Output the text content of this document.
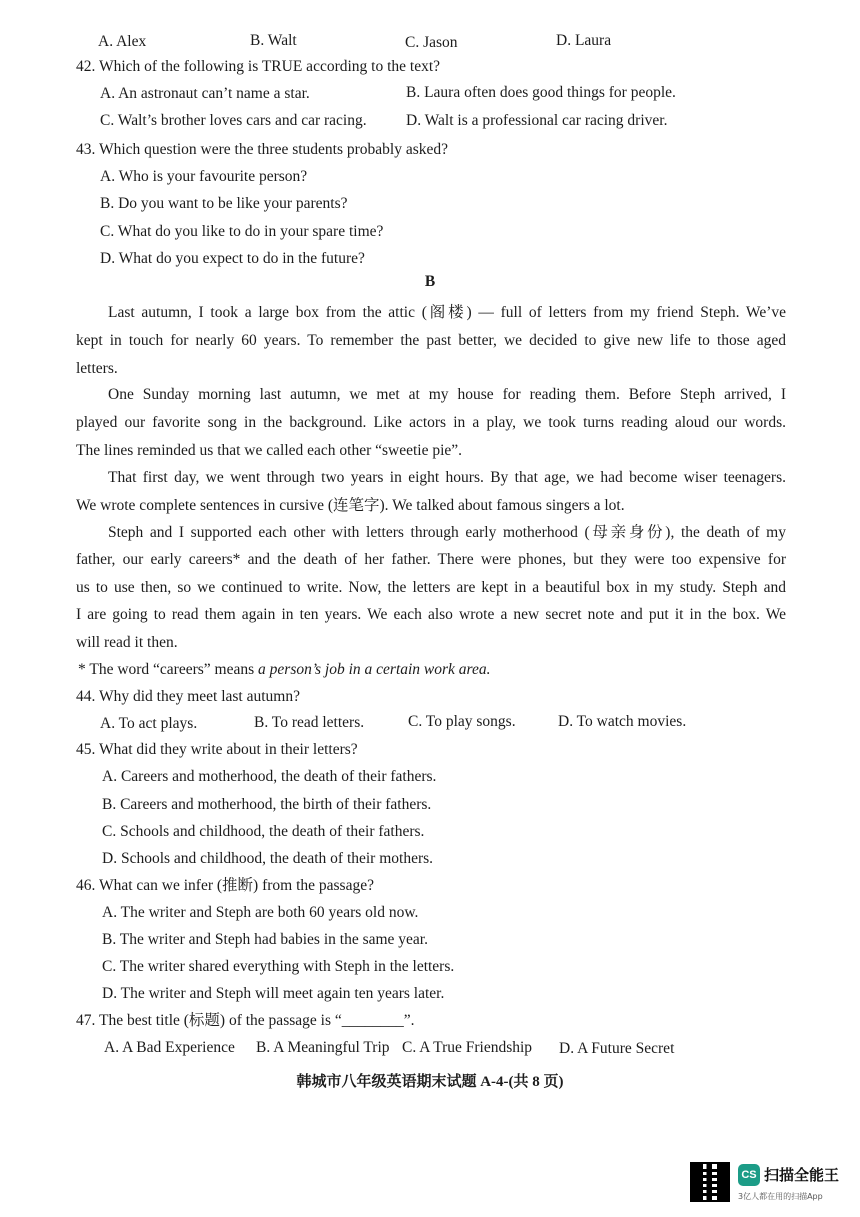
A. Alex	B. Walt	C. Jason	D. Laura
42. Which of the following is TRUE according to the text?
A. An astronaut can’t name a star.	B. Laura often does good things for people.
C. Walt’s brother loves cars and car racing.	D. Walt is a professional car racing driver.
43. Which question were the three students probably asked?
A. Who is your favourite person?
B. Do you want to be like your parents?
C. What do you like to do in your spare time?
D. What do you expect to do in the future?
B
Last autumn, I took a large box from the attic (阁楼) — full of letters from my friend Steph. We’ve
kept in touch for nearly 60 years. To remember the past better, we decided to give new life to those aged
letters.
One Sunday morning last autumn, we met at my house for reading them. Before Steph arrived, I
played our favorite song in the background. Like actors in a play, we took turns reading aloud our words.
The lines reminded us that we called each other “sweetie pie”.
That first day, we went through two years in eight hours. By that age, we had become wiser teenagers.
We wrote complete sentences in cursive (连笔字). We talked about famous singers a lot.
Steph and I supported each other with letters through early motherhood (母亲身份), the death of my
father, our early careers* and the death of her father. There were phones, but they were too expensive for
us to use then, so we continued to write. Now, the letters are kept in a beautiful box in my study. Steph and
I are going to read them again in ten years. We each also wrote a new secret note and put it in the box. We
will read it then.
* The word “careers” means a person’s job in a certain work area.
44. Why did they meet last autumn?
A. To act plays.	B. To read letters.	C. To play songs.	D. To watch movies.
45. What did they write about in their letters?
A. Careers and motherhood, the death of their fathers.
B. Careers and motherhood, the birth of their fathers.
C. Schools and childhood, the death of their fathers.
D. Schools and childhood, the death of their mothers.
46. What can we infer (推断) from the passage?
A. The writer and Steph are both 60 years old now.
B. The writer and Steph had babies in the same year.
C. The writer shared everything with Steph in the letters.
D. The writer and Steph will meet again ten years later.
47. The best title (标题) of the passage is “________”.
A. A Bad Experience B. A Meaningful Trip C. A True Friendship D. A Future Secret
韩城市八年级英语期末试题 A-4-(共 8 页)
CS 扫描全能王
3亿人都在用的扫描App
